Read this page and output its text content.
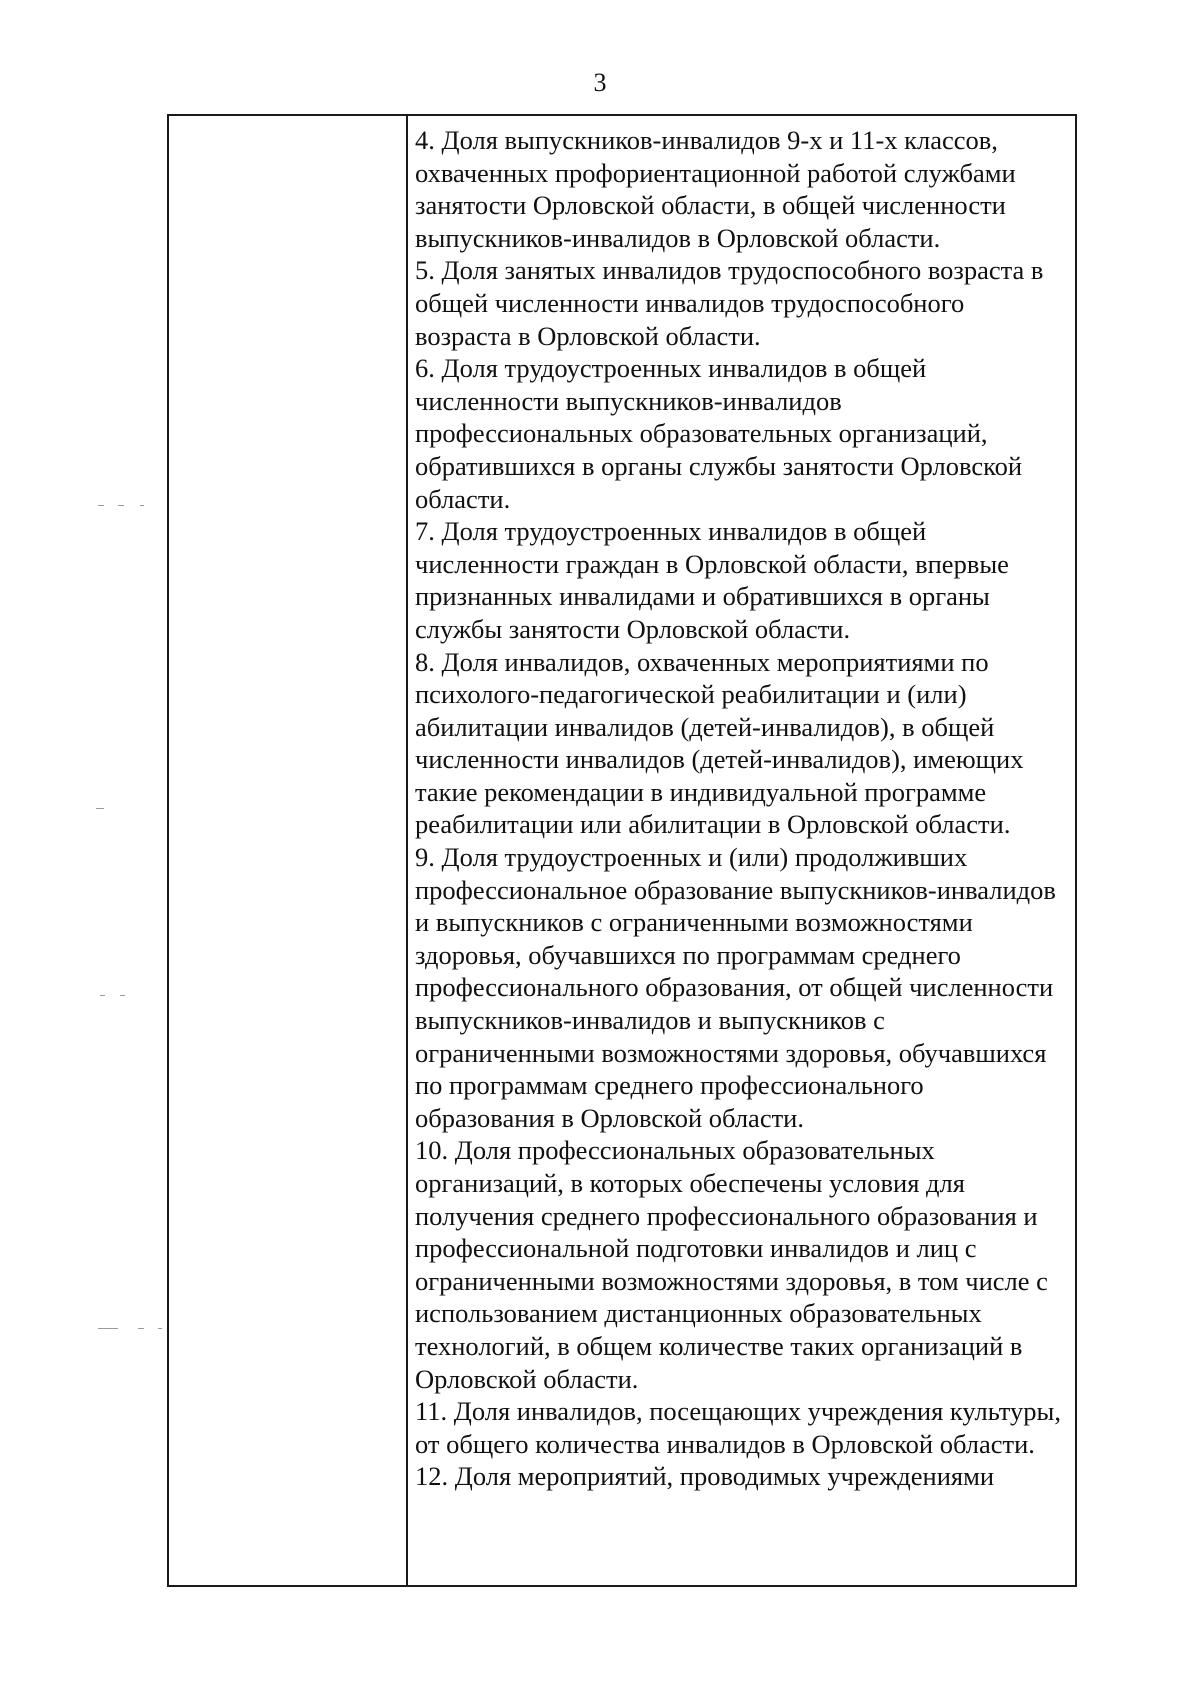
3

4. Доля выпускников-инвалидов 9-х и 11-х классов, охваченных профориентационной работой службами занятости Орловской области, в общей численности выпускников-инвалидов в Орловской области.

5. Доля занятых инвалидов трудоспособного возраста в общей численности инвалидов трудоспособного возраста в Орловской области.

6. Доля трудоустроенных инвалидов в общей численности выпускников-инвалидов профессиональных образовательных организаций, обратившихся в органы службы занятости Орловской области.

7. Доля трудоустроенных инвалидов в общей численности граждан в Орловской области, впервые признанных инвалидами и обратившихся в органы службы занятости Орловской области.

8. Доля инвалидов, охваченных мероприятиями по психолого-педагогической реабилитации и (или) абилитации инвалидов (детей-инвалидов), в общей численности инвалидов (детей-инвалидов), имеющих такие рекомендации в индивидуальной программе реабилитации или абилитации в Орловской области.

9. Доля трудоустроенных и (или) продолживших профессиональное образование выпускников-инвалидов и выпускников с ограниченными возможностями здоровья, обучавшихся по программам среднего профессионального образования, от общей численности выпускников-инвалидов и выпускников с ограниченными возможностями здоровья, обучавшихся по программам среднего профессионального образования в Орловской области.

10. Доля профессиональных образовательных организаций, в которых обеспечены условия для получения среднего профессионального образования и профессиональной подготовки инвалидов и лиц с ограниченными возможностями здоровья, в том числе с использованием дистанционных образовательных технологий, в общем количестве таких организаций в Орловской области.

11. Доля инвалидов, посещающих учреждения культуры, от общего количества инвалидов в Орловской области.

12. Доля мероприятий, проводимых учреждениями
